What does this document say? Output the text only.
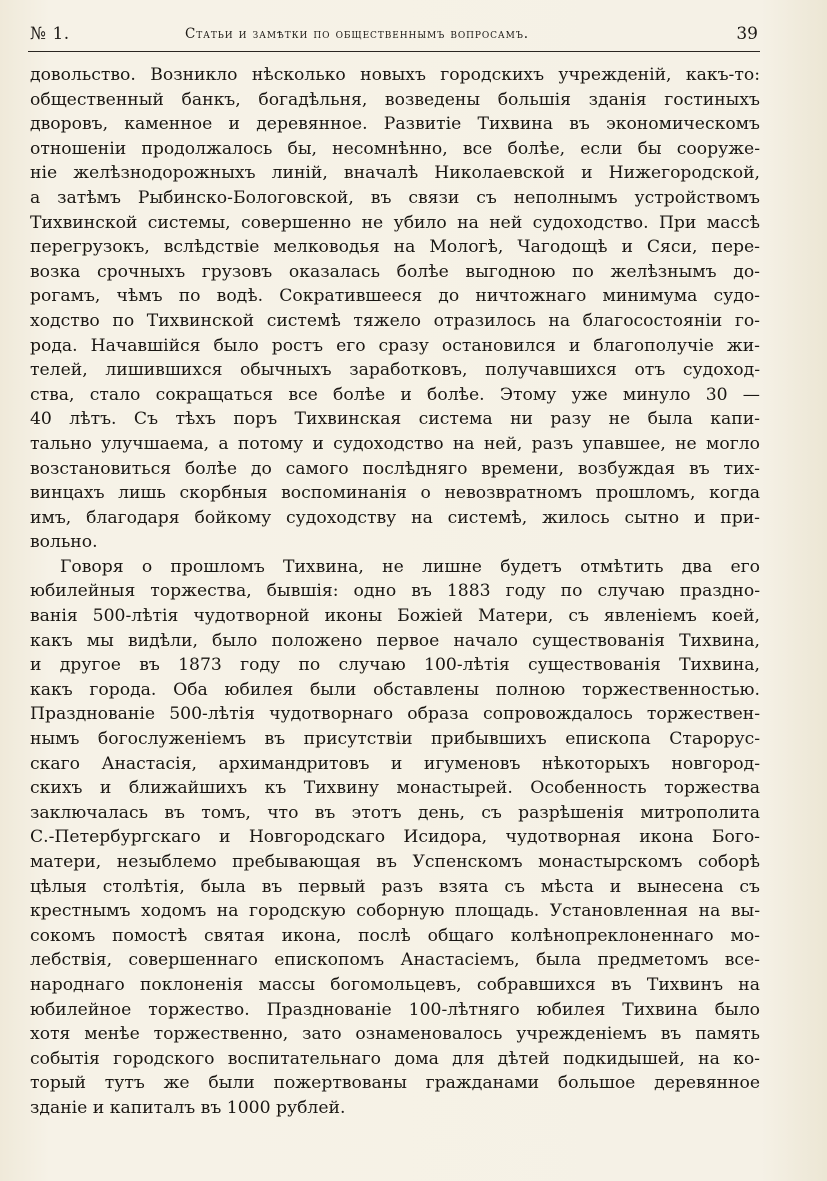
№ 1.	Статьи и замѣтки по общественнымъ вопросамъ.	39
довольство. Возникло нѣсколько новыхъ городскихъ учрежденій, какъ-то:
общественный банкъ, богадѣльня, возведены большія зданія гостиныхъ
дворовъ, каменное и деревянное. Развитіе Тихвина въ экономическомъ
отношеніи продолжалось бы, несомнѣнно, все болѣе, если бы сооруже-
ніе желѣзнодорожныхъ линій, вначалѣ Николаевской и Нижегородской,
а затѣмъ Рыбинско-Бологовской, въ связи съ неполнымъ устройствомъ
Тихвинской системы, совершенно не убило на ней судоходство. При массѣ
перегрузокъ, вслѣдствіе мелководья на Мологѣ, Чагодощѣ и Сяси, пере-
возка срочныхъ грузовъ оказалась болѣе выгодною по желѣзнымъ до-
рогамъ, чѣмъ по водѣ. Сократившееся до ничтожнаго минимума судо-
ходство по Тихвинской системѣ тяжело отразилось на благосостояніи го-
рода. Начавшійся было ростъ его сразу остановился и благополучіе жи-
телей, лишившихся обычныхъ заработковъ, получавшихся отъ судоход-
ства, стало сокращаться все болѣе и болѣе. Этому уже минуло 30 —
40 лѣтъ. Съ тѣхъ поръ Тихвинская система ни разу не была капи-
тально улучшаема, а потому и судоходство на ней, разъ упавшее, не могло
возстановиться болѣе до самого послѣдняго времени, возбуждая въ тих-
винцахъ лишь скорбныя воспоминанія о невозвратномъ прошломъ, когда
имъ, благодаря бойкому судоходству на системѣ, жилось сытно и при-
вольно.
Говоря о прошломъ Тихвина, не лишне будетъ отмѣтить два его
юбилейныя торжества, бывшія: одно въ 1883 году по случаю праздно-
ванія 500-лѣтія чудотворной иконы Божіей Матери, съ явленіемъ коей,
какъ мы видѣли, было положено первое начало существованія Тихвина,
и другое въ 1873 году по случаю 100-лѣтія существованія Тихвина,
какъ города. Оба юбилея были обставлены полною торжественностью.
Празднованіе 500-лѣтія чудотворнаго образа сопровождалось торжествен-
нымъ богослуженіемъ въ присутствіи прибывшихъ епископа Старорус-
скаго Анастасія, архимандритовъ и игуменовъ нѣкоторыхъ новгород-
скихъ и ближайшихъ къ Тихвину монастырей. Особенность торжества
заключалась въ томъ, что въ этотъ день, съ разрѣшенія митрополита
С.-Петербургскаго и Новгородскаго Исидора, чудотворная икона Бого-
матери, незыблемо пребывающая въ Успенскомъ монастырскомъ соборѣ
цѣлыя столѣтія, была въ первый разъ взята съ мѣста и вынесена съ
крестнымъ ходомъ на городскую соборную площадь. Установленная на вы-
сокомъ помостѣ святая икона, послѣ общаго колѣнопреклоненнаго мо-
лебствія, совершеннаго епископомъ Анастасіемъ, была предметомъ все-
народнаго поклоненія массы богомольцевъ, собравшихся въ Тихвинъ на
юбилейное торжество. Празднованіе 100-лѣтняго юбилея Тихвина было
хотя менѣе торжественно, зато ознаменовалось учрежденіемъ въ память
событія городского воспитательнаго дома для дѣтей подкидышей, на ко-
торый тутъ же были пожертвованы гражданами большое деревянное
зданіе и капиталъ въ 1000 рублей.
